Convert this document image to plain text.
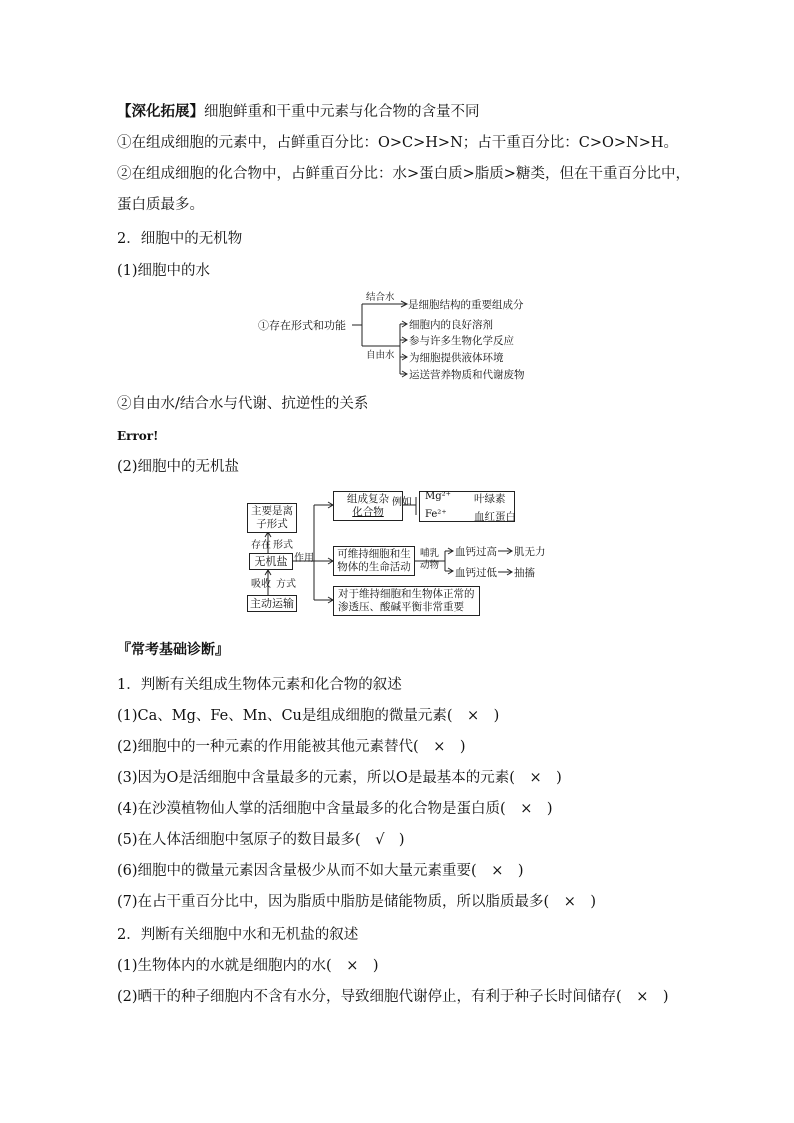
【深化拓展】细胞鲜重和干重中元素与化合物的含量不同
①在组成细胞的元素中，占鲜重百分比：O>C>H>N；占干重百分比：C>O>N>H。
②在组成细胞的化合物中，占鲜重百分比：水>蛋白质>脂质>糖类，但在干重百分比中，
蛋白质最多。
2．细胞中的无机物
(1)细胞中的水
①存在形式和功能
结合水
是细胞结构的重要组成分
自由水
细胞内的良好溶剂
参与许多生物化学反应
为细胞提供液体环境
运送营养物质和代谢废物
②自由水/结合水与代谢、抗逆性的关系
Error!
(2)细胞中的无机盐
主要是离
子形式
存在 形式
无机盐 作用
吸收 方式
主动运输
组成复杂
化合物
例如
Mg²⁺ 叶绿素
Fe²⁺	血红蛋白
可维持细胞和生
物体的生命活动
哺乳
动物
血钙过高 肌无力
血钙过低 抽搐
对于维持细胞和生物体正常的
渗透压、酸碱平衡非常重要
『常考基础诊断』
1．判断有关组成生物体元素和化合物的叙述
(1)Ca、Mg、Fe、Mn、Cu是组成细胞的微量元素(　×　)
(2)细胞中的一种元素的作用能被其他元素替代(　×　)
(3)因为O是活细胞中含量最多的元素，所以O是最基本的元素(　×　)
(4)在沙漠植物仙人掌的活细胞中含量最多的化合物是蛋白质(　×　)
(5)在人体活细胞中氢原子的数目最多(　√　)
(6)细胞中的微量元素因含量极少从而不如大量元素重要(　×　)
(7)在占干重百分比中，因为脂质中脂肪是储能物质，所以脂质最多(　×　)
2．判断有关细胞中水和无机盐的叙述
(1)生物体内的水就是细胞内的水(　×　)
(2)晒干的种子细胞内不含有水分，导致细胞代谢停止，有利于种子长时间储存(　×　)
